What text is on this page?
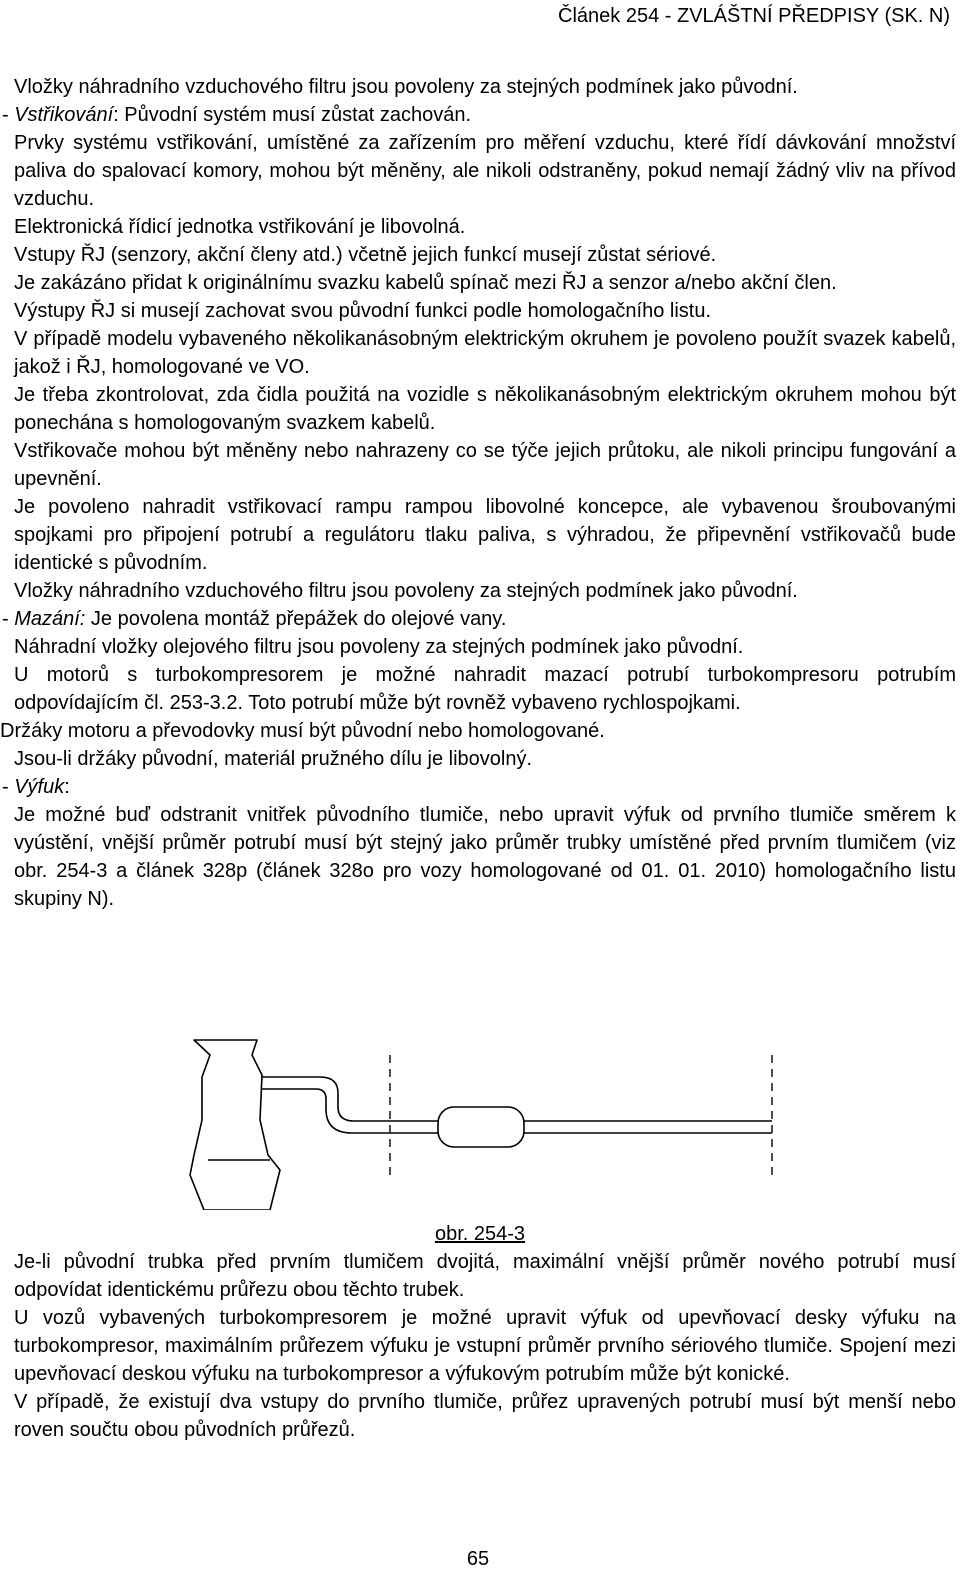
Článek 254 - ZVLÁŠTNÍ PŘEDPISY (SK. N)

Vložky náhradního vzduchového filtru jsou povoleny za stejných podmínek jako původní.

- Vstřikování: Původní systém musí zůstat zachován.

Prvky systému vstřikování, umístěné za zařízením pro měření vzduchu, které řídí dávkování množství paliva do spalovací komory, mohou být měněny, ale nikoli odstraněny, pokud nemají žádný vliv na přívod vzduchu.

Elektronická řídicí jednotka vstřikování je libovolná.

Vstupy ŘJ (senzory, akční členy atd.) včetně jejich funkcí musejí zůstat sériové.

Je zakázáno přidat k originálnímu svazku kabelů spínač mezi ŘJ a senzor a/nebo akční člen.

Výstupy ŘJ si musejí zachovat svou původní funkci podle homologačního listu.

V případě modelu vybaveného několikanásobným elektrickým okruhem je povoleno použít svazek kabelů, jakož i ŘJ, homologované ve VO.

Je třeba zkontrolovat, zda čidla použitá na vozidle s několikanásobným elektrickým okruhem mohou být ponechána s homologovaným svazkem kabelů.

Vstřikovače mohou být měněny nebo nahrazeny co se týče jejich průtoku, ale nikoli principu fungování a upevnění.

Je povoleno nahradit vstřikovací rampu rampou libovolné koncepce, ale vybavenou šroubovanými spojkami pro připojení potrubí a regulátoru tlaku paliva, s výhradou, že připevnění vstřikovačů bude identické s původním.

Vložky náhradního vzduchového filtru jsou povoleny za stejných podmínek jako původní.

- Mazání: Je povolena montáž přepážek do olejové vany.

Náhradní vložky olejového filtru jsou povoleny za stejných podmínek jako původní.

U motorů s turbokompresorem je možné nahradit mazací potrubí turbokompresoru potrubím odpovídajícím čl. 253-3.2. Toto potrubí může být rovněž vybaveno rychlospojkami.

Držáky motoru a převodovky musí být původní nebo homologované.

Jsou-li držáky původní, materiál pružného dílu je libovolný.

- Výfuk:

Je možné buď odstranit vnitřek původního tlumiče, nebo upravit výfuk od prvního tlumiče směrem k vyústění, vnější průměr potrubí musí být stejný jako průměr trubky umístěné před prvním tlumičem (viz obr. 254-3 a článek 328p (článek 328o pro vozy homologované od 01. 01. 2010) homologačního listu skupiny N).

obr. 254-3

Je-li původní trubka před prvním tlumičem dvojitá, maximální vnější průměr nového potrubí musí odpovídat identickému průřezu obou těchto trubek.

U vozů vybavených turbokompresorem je možné upravit výfuk od upevňovací desky výfuku na turbokompresor, maximálním průřezem výfuku je vstupní průměr prvního sériového tlumiče. Spojení mezi upevňovací deskou výfuku na turbokompresor a výfukovým potrubím může být konické.

V případě, že existují dva vstupy do prvního tlumiče, průřez upravených potrubí musí být menší nebo roven součtu obou původních průřezů.

65
